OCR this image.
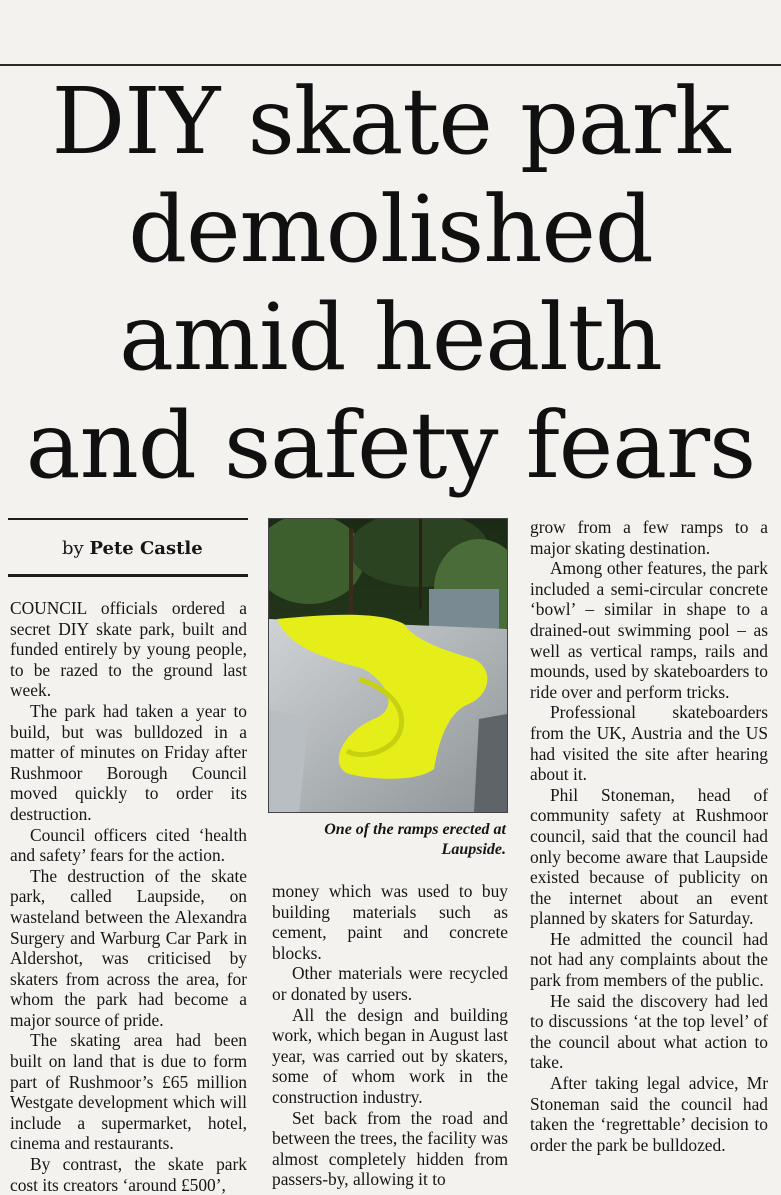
DIY skate park
demolished
amid health
and safety fears
by Pete Castle

COUNCIL officials ordered a secret DIY skate park, built and funded entirely by young people, to be razed to the ground last week.

The park had taken a year to build, but was bulldozed in a matter of minutes on Friday after Rushmoor Borough Council moved quickly to order its destruction.

Council officers cited ‘health and safety’ fears for the action.

The destruction of the skate park, called Laupside, on wasteland between the Alexandra Surgery and Warburg Car Park in Aldershot, was criticised by skaters from across the area, for whom the park had become a major source of pride.

The skating area had been built on land that is due to form part of Rushmoor’s £65 million Westgate development which will include a supermarket, hotel, cinema and restaurants.

By contrast, the skate park cost its creators ‘around £500’,

One of the ramps erected at
Laupside.

money which was used to buy building materials such as cement, paint and concrete blocks.

Other materials were recycled or donated by users.

All the design and building work, which began in August last year, was carried out by skaters, some of whom work in the construction industry.

Set back from the road and between the trees, the facility was almost completely hidden from passers-by, allowing it to

grow from a few ramps to a major skating destination.

Among other features, the park included a semi-circular concrete ‘bowl’ – similar in shape to a drained-out swimming pool – as well as vertical ramps, rails and mounds, used by skateboarders to ride over and perform tricks.

Professional skateboarders from the UK, Austria and the US had visited the site after hearing about it.

Phil Stoneman, head of community safety at Rushmoor council, said that the council had only become aware that Laupside existed because of publicity on the internet about an event planned by skaters for Saturday.

He admitted the council had not had any complaints about the park from members of the public.

He said the discovery had led to discussions ‘at the top level’ of the council about what action to take.

After taking legal advice, Mr Stoneman said the council had taken the ‘regrettable’ decision to order the park be bulldozed.
